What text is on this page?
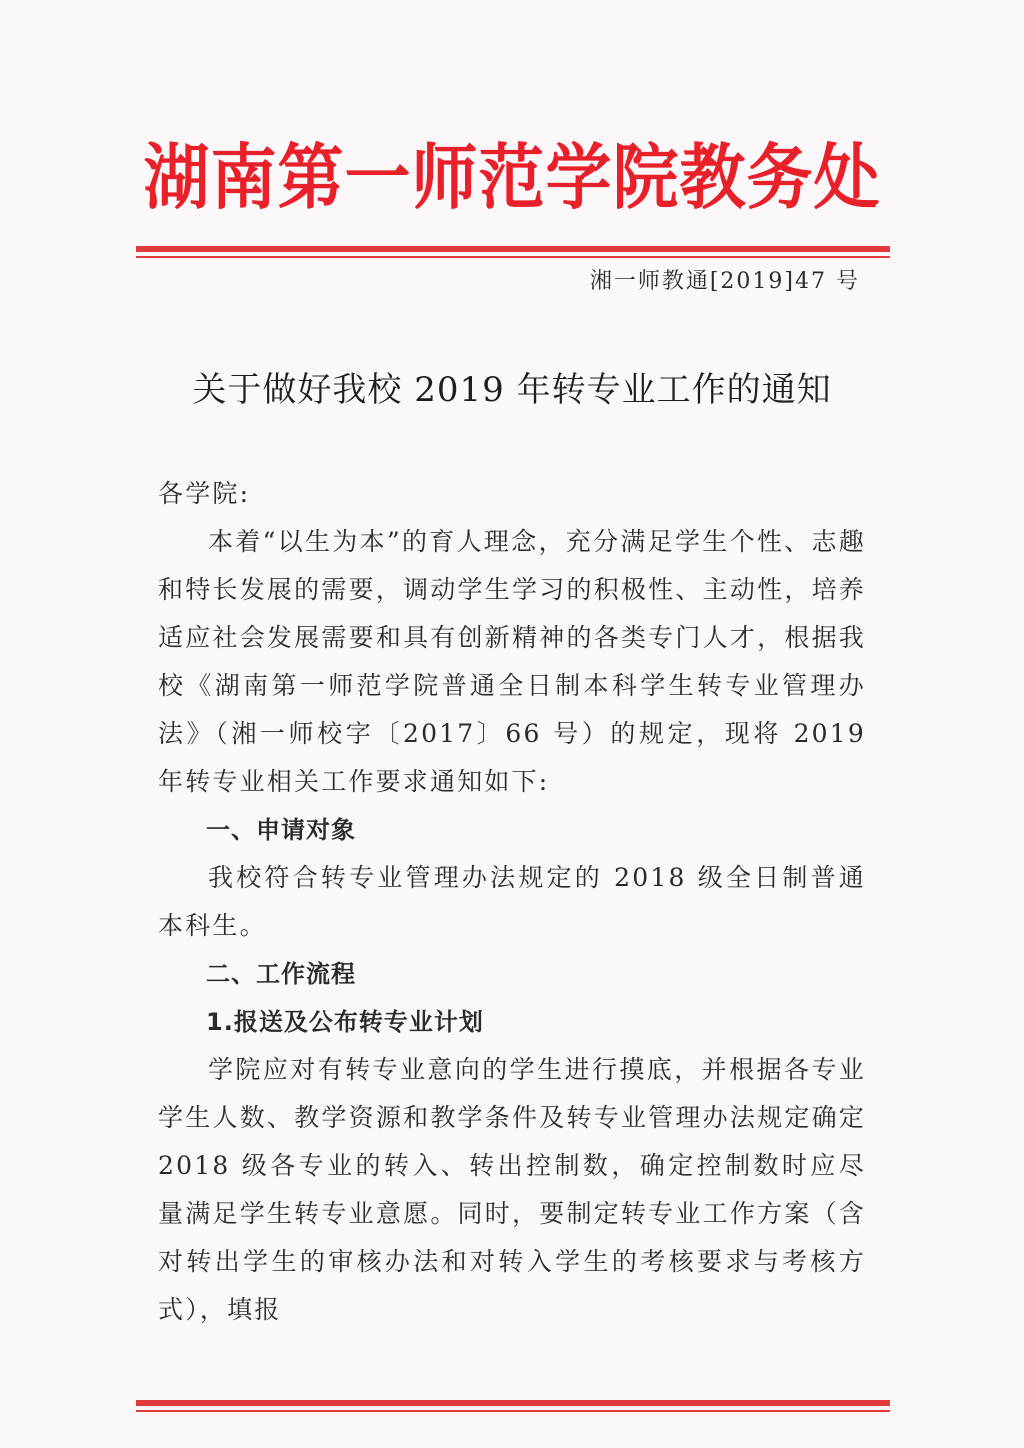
湖南第一师范学院教务处
湘一师教通[2019]47 号
关于做好我校 2019 年转专业工作的通知

各学院:

本着“以生为本”的育人理念，充分满足学生个性、志趣和特长发展的需要，调动学生学习的积极性、主动性，培养适应社会发展需要和具有创新精神的各类专门人才，根据我校《湖南第一师范学院普通全日制本科学生转专业管理办法》（湘一师校字〔2017〕66 号）的规定，现将 2019 年转专业相关工作要求通知如下:

一、申请对象

我校符合转专业管理办法规定的 2018 级全日制普通本科生。

二、工作流程

1.报送及公布转专业计划

学院应对有转专业意向的学生进行摸底，并根据各专业学生人数、教学资源和教学条件及转专业管理办法规定确定 2018 级各专业的转入、转出控制数，确定控制数时应尽量满足学生转专业意愿。同时，要制定转专业工作方案（含对转出学生的审核办法和对转入学生的考核要求与考核方式），填报
